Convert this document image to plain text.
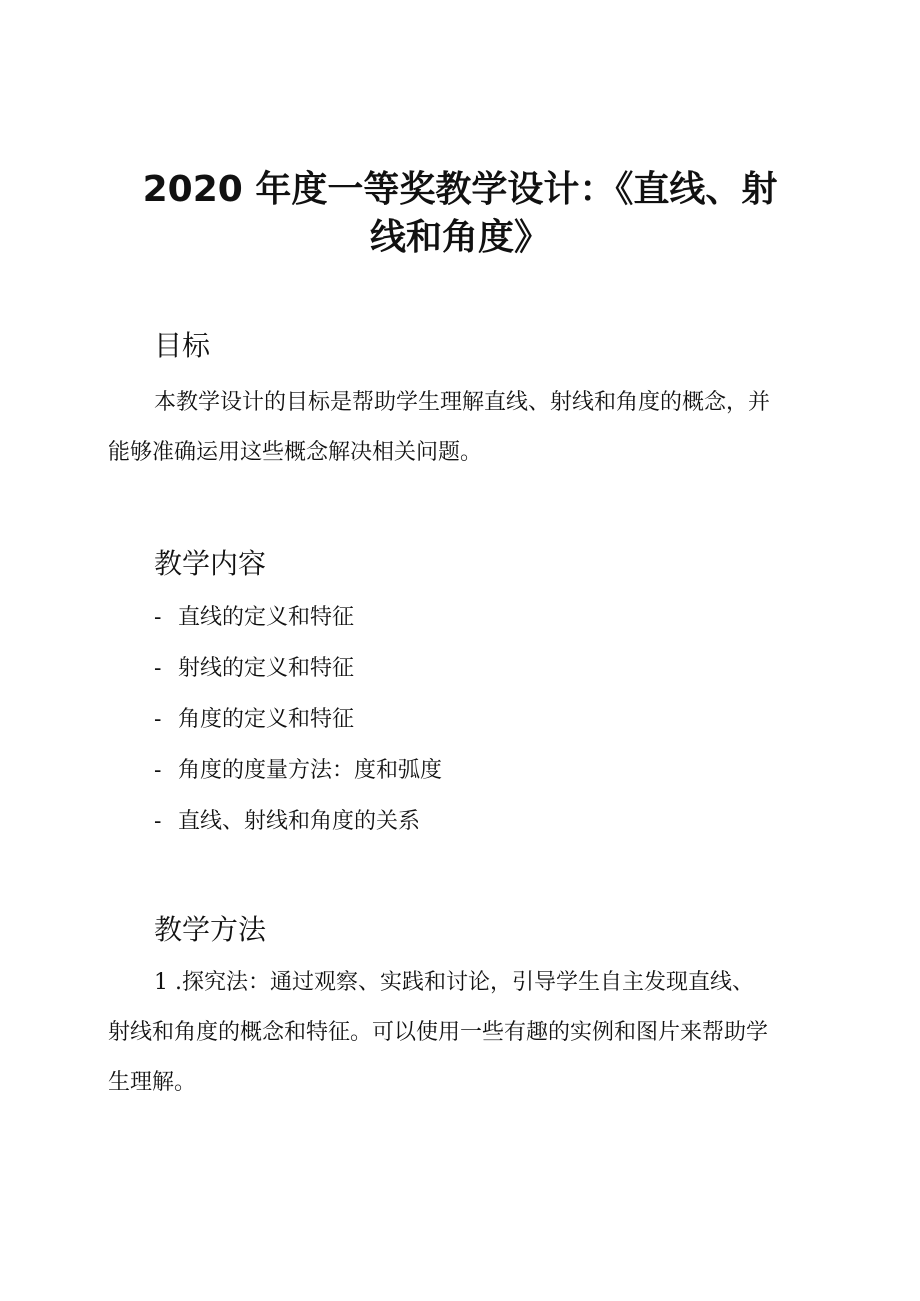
2020 年度一等奖教学设计：《直线、射
线和角度》
目标
本教学设计的目标是帮助学生理解直线、射线和角度的概念，并
能够准确运用这些概念解决相关问题。
教学内容
- 直线的定义和特征
- 射线的定义和特征
- 角度的定义和特征
- 角度的度量方法：度和弧度
- 直线、射线和角度的关系
教学方法
1 .探究法：通过观察、实践和讨论，引导学生自主发现直线、
射线和角度的概念和特征。可以使用一些有趣的实例和图片来帮助学
生理解。
